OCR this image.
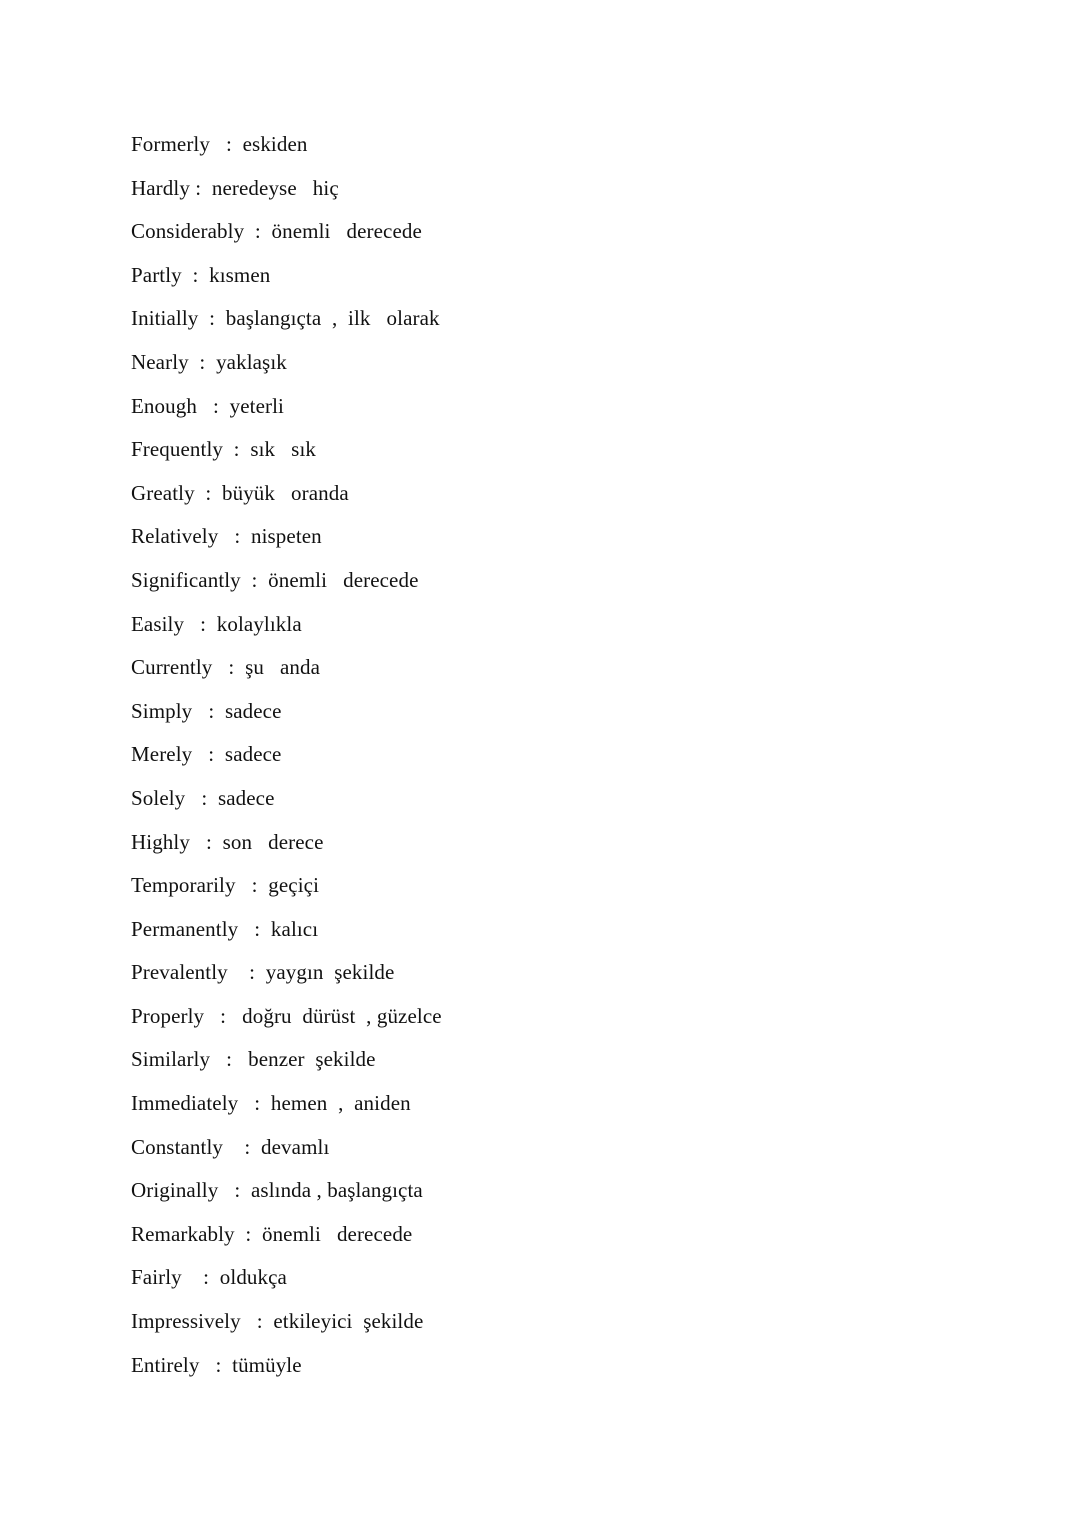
Formerly   :  eskiden
Hardly :  neredeyse   hiç
Considerably  :  önemli   derecede
Partly  :  kısmen
Initially  :  başlangıçta  ,  ilk   olarak
Nearly  :  yaklaşık
Enough   :  yeterli
Frequently  :  sık   sık
Greatly  :  büyük   oranda
Relatively   :  nispeten
Significantly  :  önemli   derecede
Easily   :  kolaylıkla
Currently   :  şu   anda
Simply   :  sadece
Merely   :  sadece
Solely   :  sadece
Highly   :  son   derece
Temporarily   :  geçiçi
Permanently   :  kalıcı
Prevalently    :  yaygın  şekilde
Properly   :   doğru  dürüst  , güzelce
Similarly   :   benzer  şekilde
Immediately   :  hemen  ,  aniden
Constantly    :  devamlı
Originally   :  aslında , başlangıçta
Remarkably  :  önemli   derecede
Fairly    :  oldukça
Impressively   :  etkileyici  şekilde
Entirely   :  tümüyle
